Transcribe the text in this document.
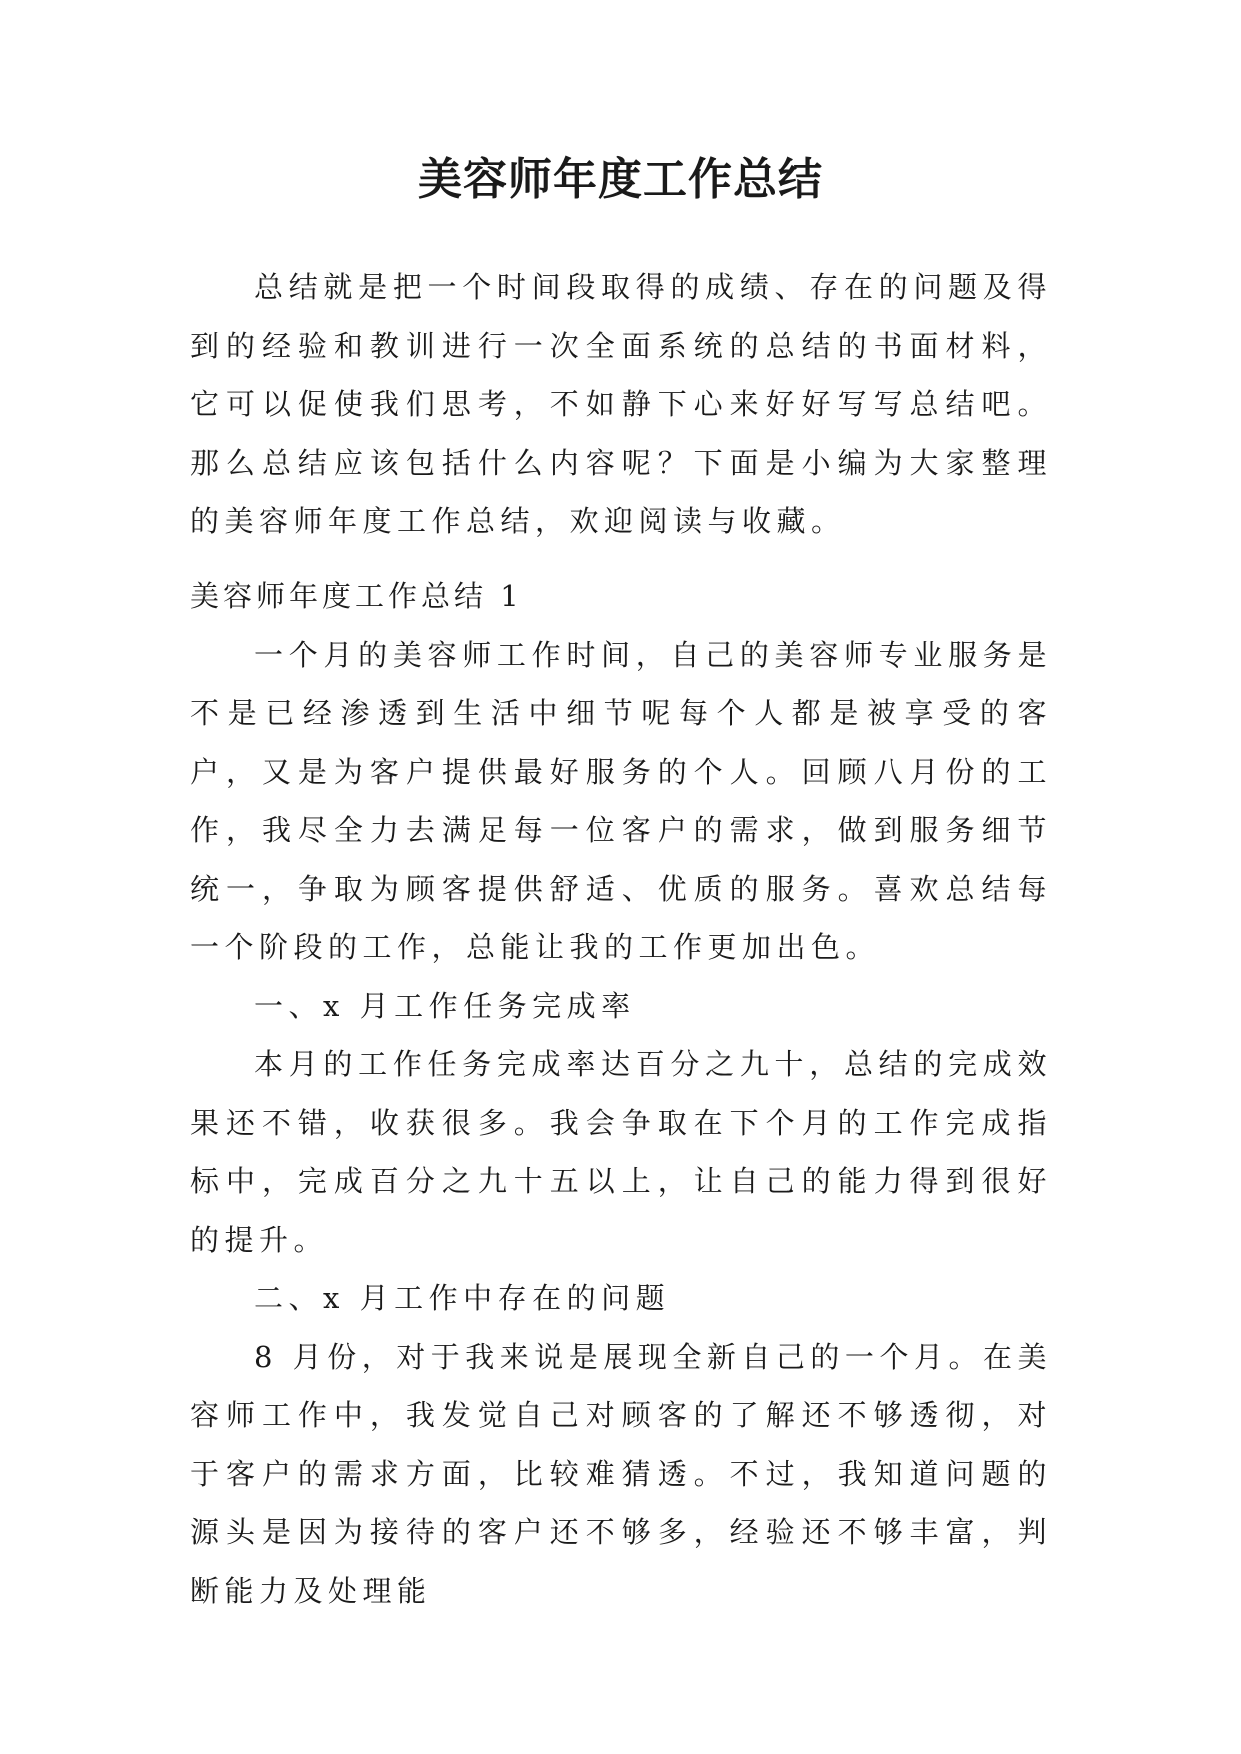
美容师年度工作总结

总结就是把一个时间段取得的成绩、存在的问题及得到的经验和教训进行一次全面系统的总结的书面材料，它可以促使我们思考，不如静下心来好好写写总结吧。那么总结应该包括什么内容呢？下面是小编为大家整理的美容师年度工作总结，欢迎阅读与收藏。

美容师年度工作总结 1

一个月的美容师工作时间，自己的美容师专业服务是不是已经渗透到生活中细节呢每个人都是被享受的客户，又是为客户提供最好服务的个人。回顾八月份的工作，我尽全力去满足每一位客户的需求，做到服务细节统一，争取为顾客提供舒适、优质的服务。喜欢总结每一个阶段的工作，总能让我的工作更加出色。

一、x 月工作任务完成率

本月的工作任务完成率达百分之九十，总结的完成效果还不错，收获很多。我会争取在下个月的工作完成指标中，完成百分之九十五以上，让自己的能力得到很好的提升。

二、x 月工作中存在的问题

8 月份，对于我来说是展现全新自己的一个月。在美容师工作中，我发觉自己对顾客的了解还不够透彻，对于客户的需求方面，比较难猜透。不过，我知道问题的源头是因为接待的客户还不够多，经验还不够丰富，判断能力及处理能
